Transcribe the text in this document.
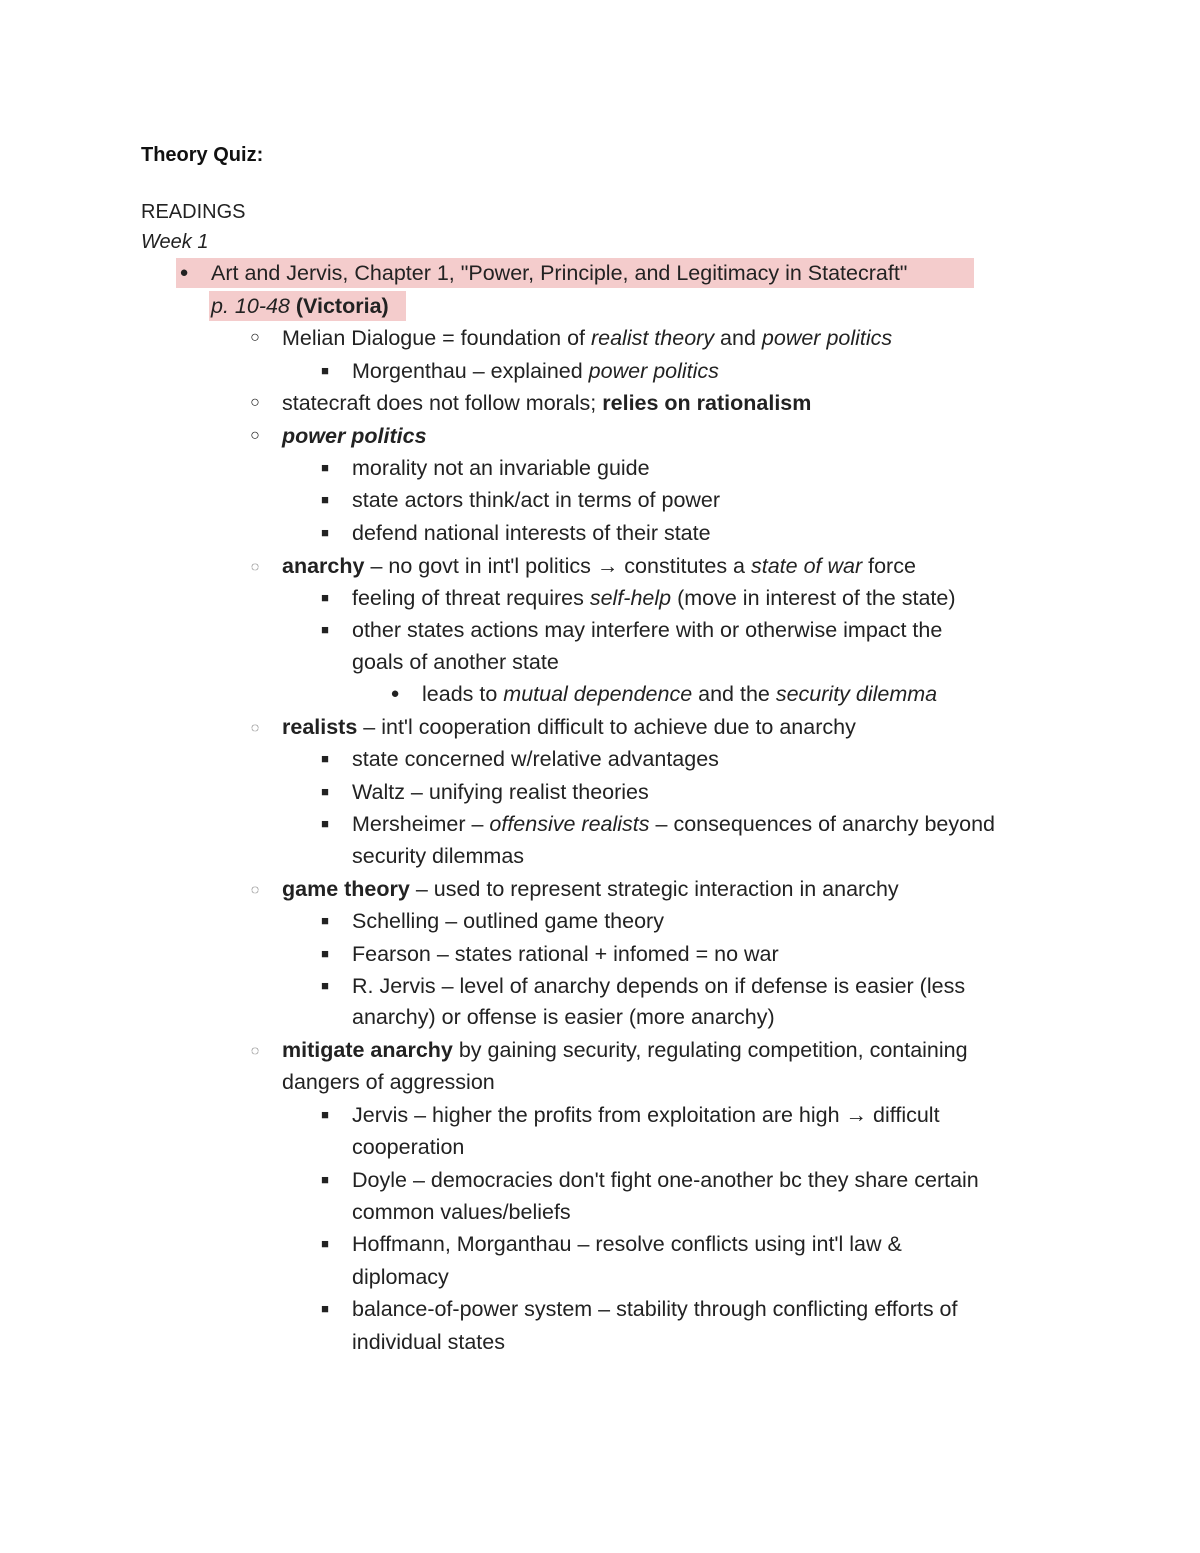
Theory Quiz:
READINGS
Week 1
● Art and Jervis, Chapter 1, "Power, Principle, and Legitimacy in Statecraft"
p. 10-48 (Victoria)
○ Melian Dialogue = foundation of realist theory and power politics
■ Morgenthau – explained power politics
○ statecraft does not follow morals; relies on rationalism
○ power politics
■ morality not an invariable guide
■ state actors think/act in terms of power
■ defend national interests of their state
◌ anarchy – no govt in int'l politics → constitutes a state of war force
■ feeling of threat requires self-help (move in interest of the state)
■ other states actions may interfere with or otherwise impact the
goals of another state
● leads to mutual dependence and the security dilemma
◌ realists – int'l cooperation difficult to achieve due to anarchy
■ state concerned w/relative advantages
■ Waltz – unifying realist theories
■ Mersheimer – offensive realists – consequences of anarchy beyond
security dilemmas
◌ game theory – used to represent strategic interaction in anarchy
■ Schelling – outlined game theory
■ Fearson – states rational + infomed = no war
■ R. Jervis – level of anarchy depends on if defense is easier (less
anarchy) or offense is easier (more anarchy)
◌ mitigate anarchy by gaining security, regulating competition, containing
dangers of aggression
■ Jervis – higher the profits from exploitation are high → difficult
cooperation
■ Doyle – democracies don't fight one-another bc they share certain
common values/beliefs
■ Hoffmann, Morganthau – resolve conflicts using int'l law &
diplomacy
■ balance-of-power system – stability through conflicting efforts of
individual states
